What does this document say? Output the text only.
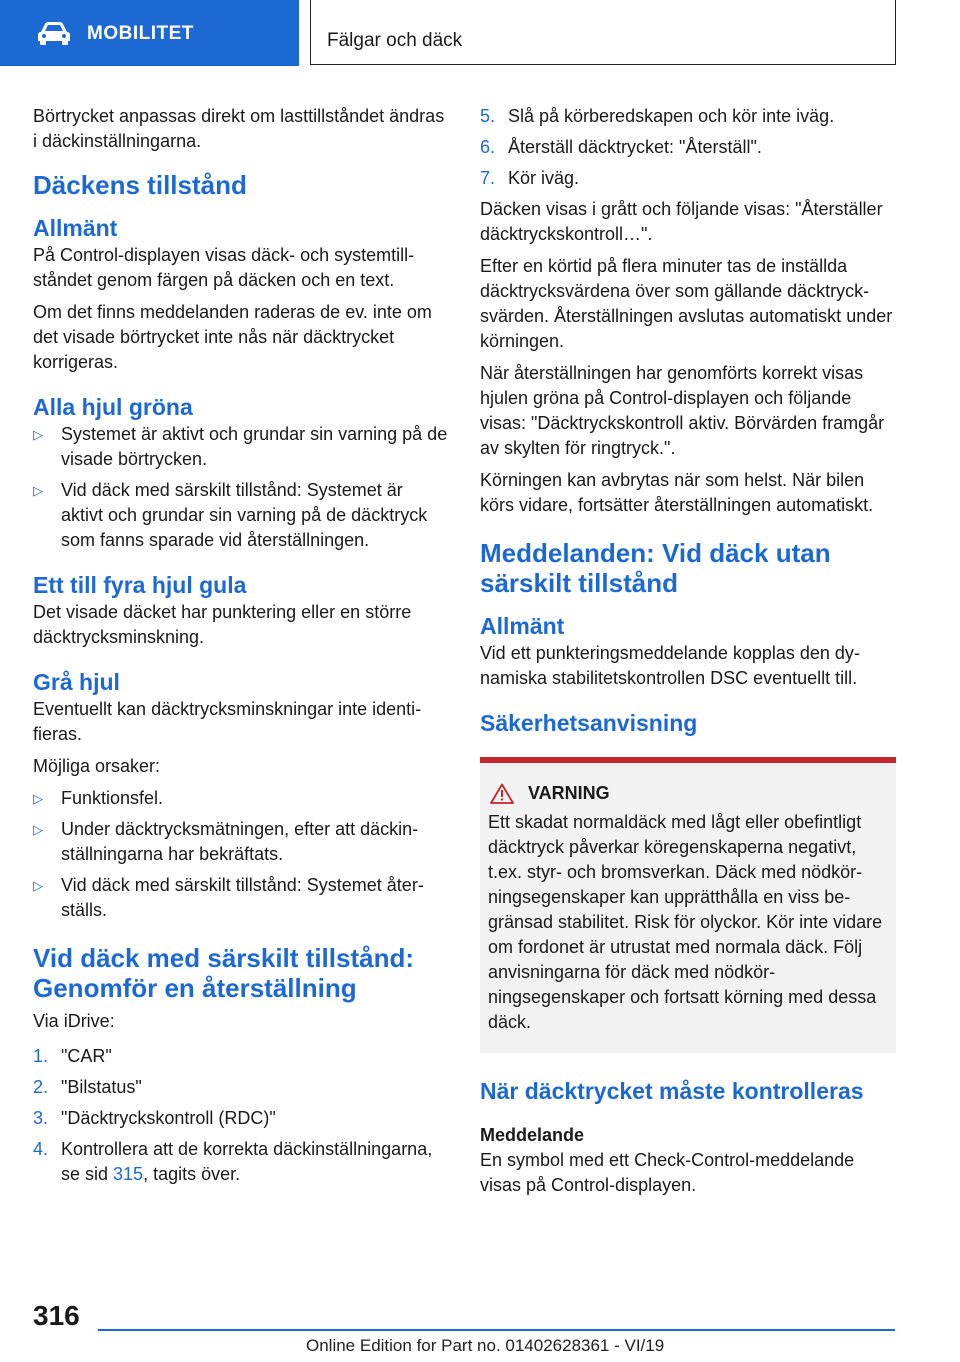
MOBILITET	Fälgar och däck

Börtrycket anpassas direkt om lasttillståndet ändras i däckinställningarna.

Däckens tillstånd
Allmänt

På Control-displayen visas däck- och systemtillståndet genom färgen på däcken och en text.

Om det finns meddelanden raderas de ev. inte om det visade börtrycket inte nås när däcktrycket korrigeras.

Alla hjul gröna
▷ Systemet är aktivt och grundar sin varning på de visade börtrycken.
▷ Vid däck med särskilt tillstånd: Systemet är aktivt och grundar sin varning på de däcktryck som fanns sparade vid återställningen.
Ett till fyra hjul gula

Det visade däcket har punktering eller en större däcktrycksminskning.

Grå hjul

Eventuellt kan däcktrycksminskningar inte identifieras.

Möjliga orsaker:

▷ Funktionsfel.
▷ Under däcktrycksmätningen, efter att däckinställningarna har bekräftats.
▷ Vid däck med särskilt tillstånd: Systemet återställs.
Vid däck med särskilt tillstånd: Genomför en återställning

Via iDrive:

1. "CAR"
2. "Bilstatus"
3. "Däcktryckskontroll (RDC)"
4. Kontrollera att de korrekta däckinställningarna, se sid 315, tagits över.
5. Slå på körberedskapen och kör inte iväg.
6. Återställ däcktrycket: "Återställ".
7. Kör iväg.

Däcken visas i grått och följande visas: "Återställer däcktryckskontroll…".

Efter en körtid på flera minuter tas de inställda däcktrycksvärdena över som gällande däcktrycksvärden. Återställningen avslutas automatiskt under körningen.

När återställningen har genomförts korrekt visas hjulen gröna på Control-displayen och följande visas: "Däcktryckskontroll aktiv. Börvärden framgår av skylten för ringtryck.".

Körningen kan avbrytas när som helst. När bilen körs vidare, fortsätter återställningen automatiskt.

Meddelanden: Vid däck utan särskilt tillstånd
Allmänt

Vid ett punkteringsmeddelande kopplas den dynamiska stabilitetskontrollen DSC eventuellt till.

Säkerhetsanvisning
VARNING
Ett skadat normaldäck med lågt eller obefintligt däcktryck påverkar köregenskaperna negativt, t.ex. styr- och bromsverkan. Däck med nödkörningsegenskaper kan upprätthålla en viss begränsad stabilitet. Risk för olyckor. Kör inte vidare om fordonet är utrustat med normala däck. Följ anvisningarna för däck med nödkörningsegenskaper och fortsatt körning med dessa däck.
När däcktrycket måste kontrolleras
Meddelande

En symbol med ett Check-Control-meddelande visas på Control-displayen.

316
Online Edition for Part no. 01402628361 - VI/19
